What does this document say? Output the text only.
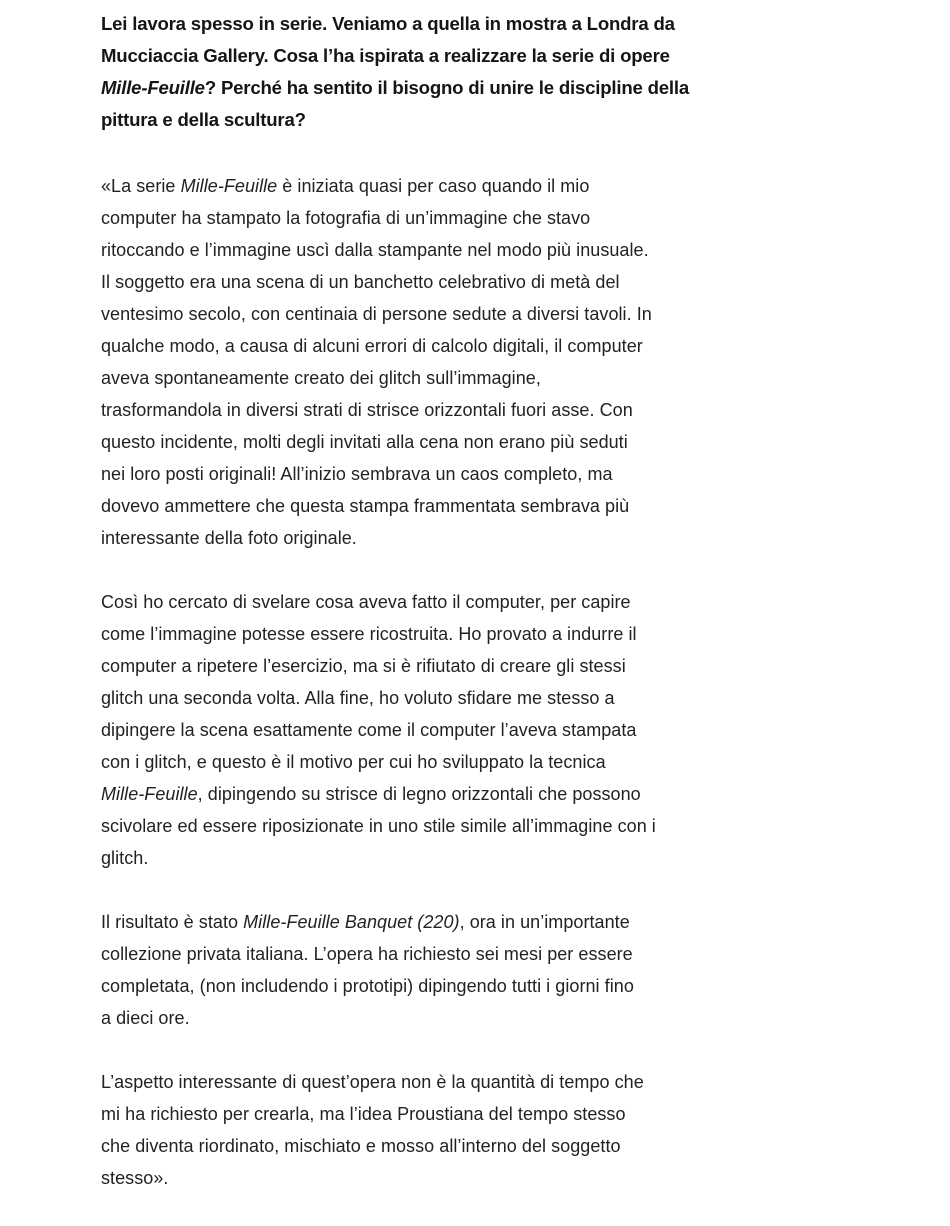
Lei lavora spesso in serie. Veniamo a quella in mostra a Londra da
Mucciaccia Gallery. Cosa l’ha ispirata a realizzare la serie di opere
Mille-Feuille? Perché ha sentito il bisogno di unire le discipline della
pittura e della scultura?

«La serie Mille-Feuille è iniziata quasi per caso quando il mio
computer ha stampato la fotografia di un’immagine che stavo
ritoccando e l’immagine uscì dalla stampante nel modo più inusuale.
Il soggetto era una scena di un banchetto celebrativo di metà del
ventesimo secolo, con centinaia di persone sedute a diversi tavoli. In
qualche modo, a causa di alcuni errori di calcolo digitali, il computer
aveva spontaneamente creato dei glitch sull’immagine,
trasformandola in diversi strati di strisce orizzontali fuori asse. Con
questo incidente, molti degli invitati alla cena non erano più seduti
nei loro posti originali! All’inizio sembrava un caos completo, ma
dovevo ammettere che questa stampa frammentata sembrava più
interessante della foto originale.

Così ho cercato di svelare cosa aveva fatto il computer, per capire
come l’immagine potesse essere ricostruita. Ho provato a indurre il
computer a ripetere l’esercizio, ma si è rifiutato di creare gli stessi
glitch una seconda volta. Alla fine, ho voluto sfidare me stesso a
dipingere la scena esattamente come il computer l’aveva stampata
con i glitch, e questo è il motivo per cui ho sviluppato la tecnica
Mille-Feuille, dipingendo su strisce di legno orizzontali che possono
scivolare ed essere riposizionate in uno stile simile all’immagine con i
glitch.

Il risultato è stato Mille-Feuille Banquet (220), ora in un’importante
collezione privata italiana. L’opera ha richiesto sei mesi per essere
completata, (non includendo i prototipi) dipingendo tutti i giorni fino
a dieci ore.

L’aspetto interessante di quest’opera non è la quantità di tempo che
mi ha richiesto per crearla, ma l’idea Proustiana del tempo stesso
che diventa riordinato, mischiato e mosso all’interno del soggetto
stesso».
